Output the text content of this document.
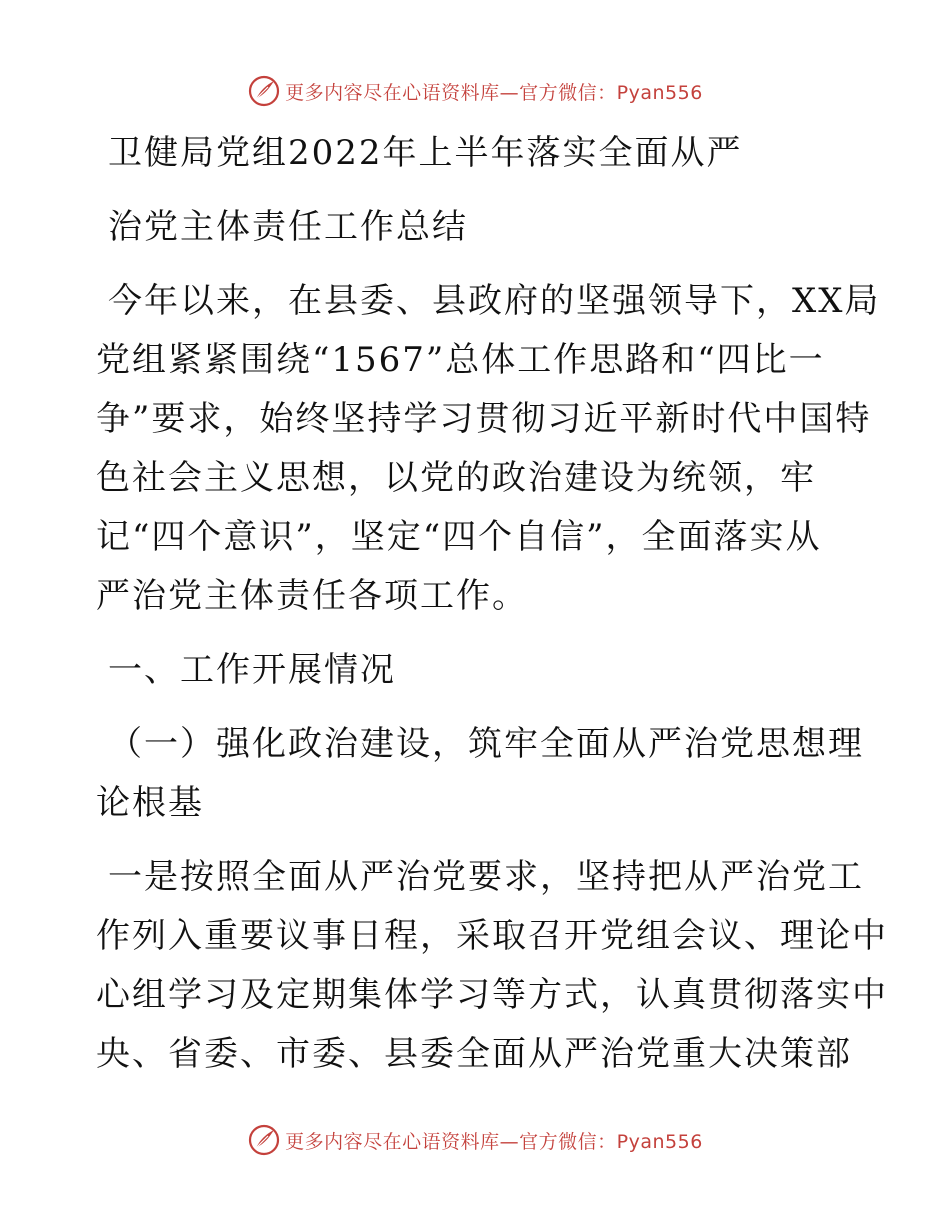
更多内容尽在心语资料库—官方微信：Pyan556
卫健局党组2022年上半年落实全面从严
治党主体责任工作总结
今年以来，在县委、县政府的坚强领导下，XX局
党组紧紧围绕“1567”总体工作思路和“四比一
争”要求，始终坚持学习贯彻习近平新时代中国特
色社会主义思想，以党的政治建设为统领，牢
记“四个意识”，坚定“四个自信”，全面落实从
严治党主体责任各项工作。
一、工作开展情况
（一）强化政治建设，筑牢全面从严治党思想理
论根基
一是按照全面从严治党要求，坚持把从严治党工
作列入重要议事日程，采取召开党组会议、理论中
心组学习及定期集体学习等方式，认真贯彻落实中
央、省委、市委、县委全面从严治党重大决策部
更多内容尽在心语资料库—官方微信：Pyan556
